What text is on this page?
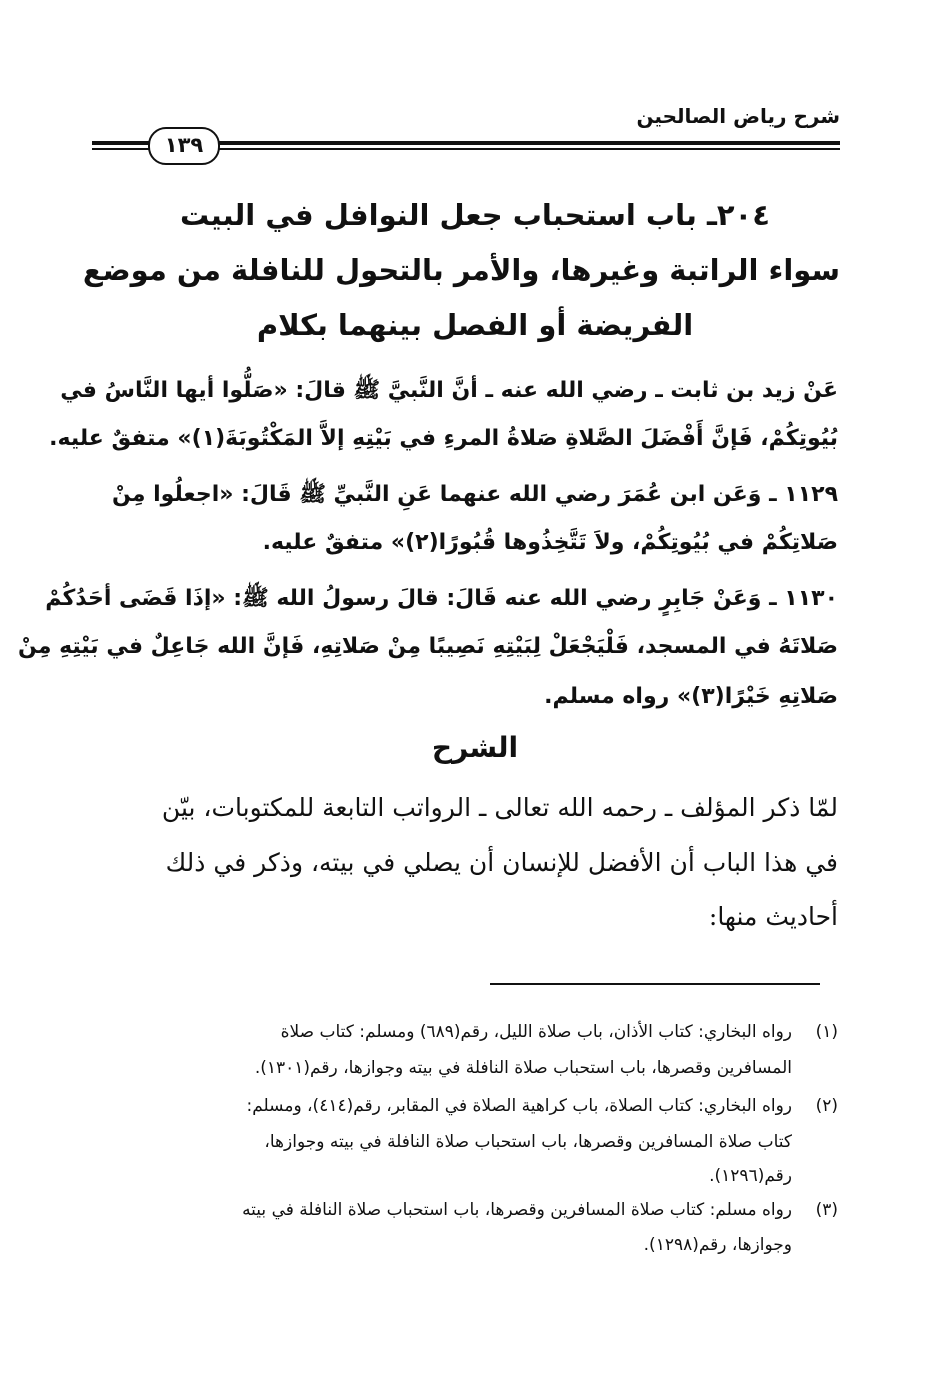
شرح رياض الصالحين
١٣٩
٢٠٤ـ باب استحباب جعل النوافل في البيت
سواء الراتبة وغيرها، والأمر بالتحول للنافلة من موضع
الفريضة أو الفصل بينهما بكلام
عَنْ زيد بن ثابت ـ رضي الله عنه ـ أنَّ النَّبيَّ ﷺ قالَ: «صَلُّوا أيها النَّاسُ في
بُيُوتِكُمْ، فَإنَّ أَفْضَلَ الصَّلاةِ صَلاةُ المرءِ في بَيْتِهِ إلاَّ المَكْتُوبَةَ(١)» متفقٌ عليه.
١١٢٩ ـ وَعَن ابن عُمَرَ رضي الله عنهما عَنِ النَّبيِّ ﷺ قَالَ: «اجعلُوا مِنْ
صَلاتِكُمْ في بُيُوتِكُمْ، ولاَ تَتَّخِذُوها قُبُورًا(٢)» متفقٌ عليه.
١١٣٠ ـ وَعَنْ جَابِرٍ رضي الله عنه قَالَ: قالَ رسولُ الله ﷺ: «إذَا قَضَى أحَدُكُمْ
صَلاتَهُ في المسجد، فَلْيَجْعَلْ لِبَيْتِهِ نَصِيبًا مِنْ صَلاتِهِ، فَإنَّ الله جَاعِلٌ في بَيْتِهِ مِنْ
صَلاتِهِ خَيْرًا(٣)» رواه مسلم.
الشرح
لمّا ذكر المؤلف ـ رحمه الله تعالى ـ الرواتب التابعة للمكتوبات، بيّن
في هذا الباب أن الأفضل للإنسان أن يصلي في بيته، وذكر في ذلك
أحاديث منها:
(١)
رواه البخاري: كتاب الأذان، باب صلاة الليل، رقم(٦٨٩) ومسلم: كتاب صلاة
المسافرين وقصرها، باب استحباب صلاة النافلة في بيته وجوازها، رقم(١٣٠١).
(٢)
رواه البخاري: كتاب الصلاة، باب كراهية الصلاة في المقابر، رقم(٤١٤)، ومسلم:
كتاب صلاة المسافرين وقصرها، باب استحباب صلاة النافلة في بيته وجوازها،
رقم(١٢٩٦).
(٣)
رواه مسلم: كتاب صلاة المسافرين وقصرها، باب استحباب صلاة النافلة في بيته
وجوازها، رقم(١٢٩٨).
